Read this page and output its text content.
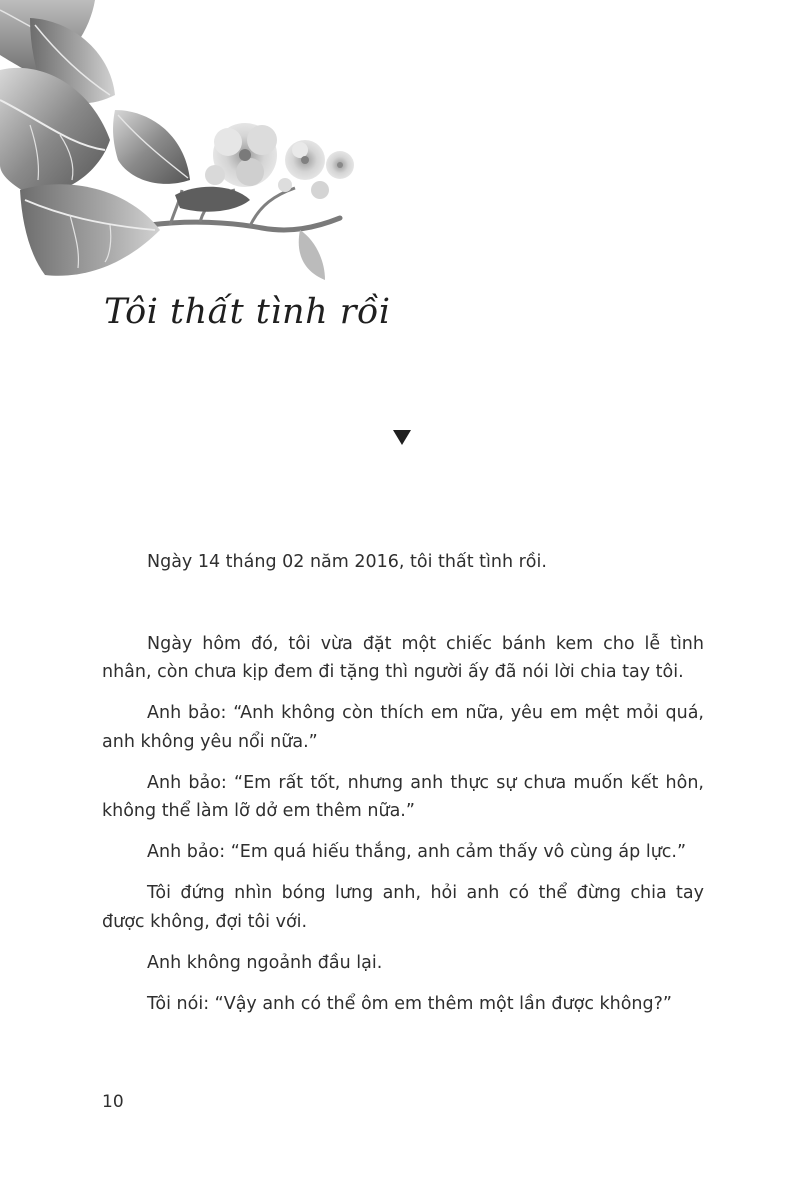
Tôi thất tình rồi

Ngày 14 tháng 02 năm 2016, tôi thất tình rồi.

Ngày hôm đó, tôi vừa đặt một chiếc bánh kem cho lễ tình nhân, còn chưa kịp đem đi tặng thì người ấy đã nói lời chia tay tôi.

Anh bảo: “Anh không còn thích em nữa, yêu em mệt mỏi quá, anh không yêu nổi nữa.”

Anh bảo: “Em rất tốt, nhưng anh thực sự chưa muốn kết hôn, không thể làm lỡ dở em thêm nữa.”

Anh bảo: “Em quá hiếu thắng, anh cảm thấy vô cùng áp lực.”

Tôi đứng nhìn bóng lưng anh, hỏi anh có thể đừng chia tay được không, đợi tôi với.

Anh không ngoảnh đầu lại.

Tôi nói: “Vậy anh có thể ôm em thêm một lần được không?”

10
